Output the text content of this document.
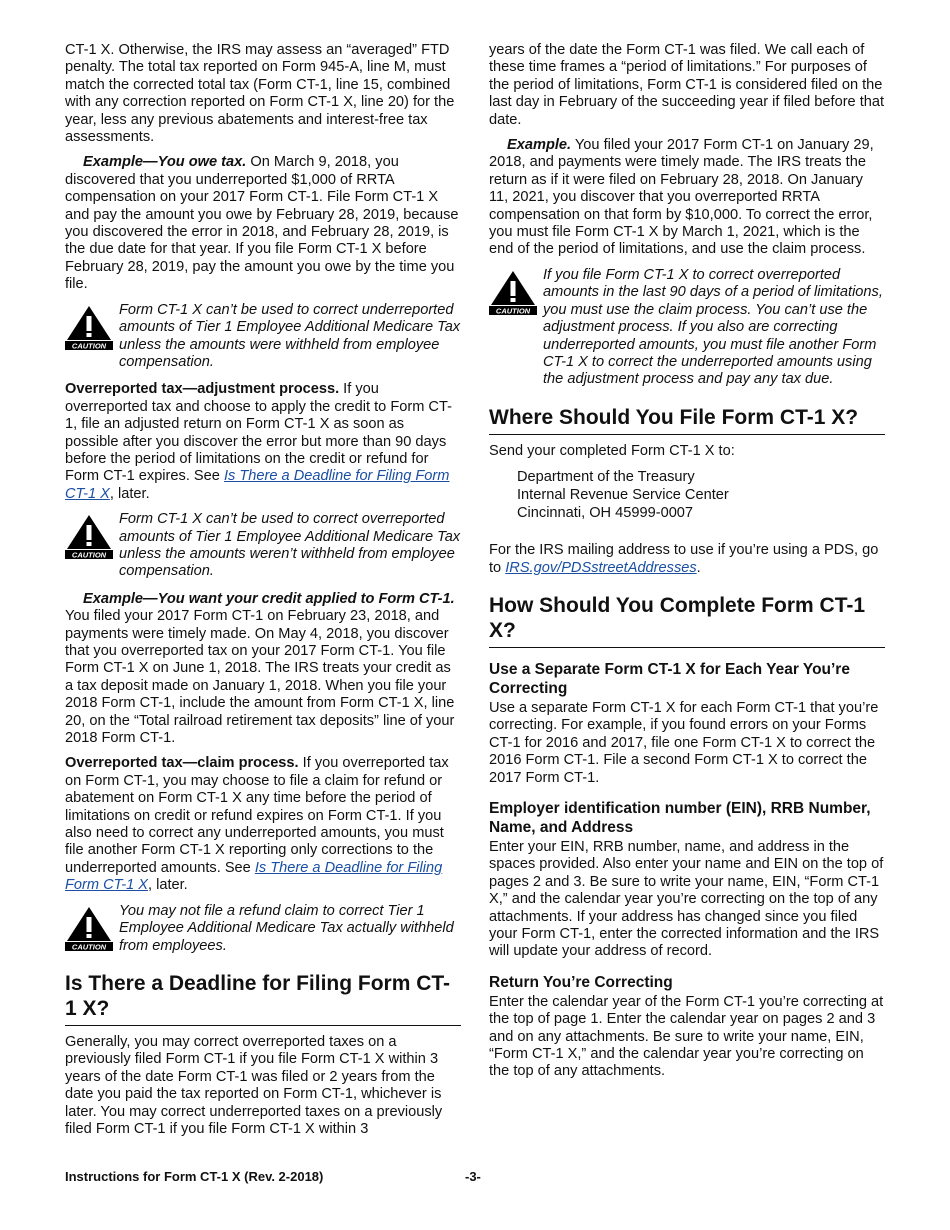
CT-1 X. Otherwise, the IRS may assess an “averaged” FTD penalty. The total tax reported on Form 945-A, line M, must match the corrected total tax (Form CT-1, line 15, combined with any correction reported on Form CT-1 X, line 20) for the year, less any previous abatements and interest-free tax assessments.

Example—You owe tax. On March 9, 2018, you discovered that you underreported $1,000 of RRTA compensation on your 2017 Form CT-1. File Form CT-1 X and pay the amount you owe by February 28, 2019, because you discovered the error in 2018, and February 28, 2019, is the due date for that year. If you file Form CT-1 X before February 28, 2019, pay the amount you owe by the time you file.

CAUTION
Form CT-1 X can’t be used to correct underreported amounts of Tier 1 Employee Additional Medicare Tax unless the amounts were withheld from employee compensation.

Overreported tax—adjustment process. If you overreported tax and choose to apply the credit to Form CT-1, file an adjusted return on Form CT-1 X as soon as possible after you discover the error but more than 90 days before the period of limitations on the credit or refund for Form CT-1 expires. See Is There a Deadline for Filing Form CT-1 X, later.

CAUTION
Form CT-1 X can’t be used to correct overreported amounts of Tier 1 Employee Additional Medicare Tax unless the amounts weren’t withheld from employee compensation.

Example—You want your credit applied to Form CT-1. You filed your 2017 Form CT-1 on February 23, 2018, and payments were timely made. On May 4, 2018, you discover that you overreported tax on your 2017 Form CT-1. You file Form CT-1 X on June 1, 2018. The IRS treats your credit as a tax deposit made on January 1, 2018. When you file your 2018 Form CT-1, include the amount from Form CT-1 X, line 20, on the “Total railroad retirement tax deposits” line of your 2018 Form CT-1.

Overreported tax—claim process. If you overreported tax on Form CT-1, you may choose to file a claim for refund or abatement on Form CT-1 X any time before the period of limitations on credit or refund expires on Form CT-1. If you also need to correct any underreported amounts, you must file another Form CT-1 X reporting only corrections to the underreported amounts. See Is There a Deadline for Filing Form CT-1 X, later.

CAUTION
You may not file a refund claim to correct Tier 1 Employee Additional Medicare Tax actually withheld from employees.
Is There a Deadline for Filing Form CT-1 X?

Generally, you may correct overreported taxes on a previously filed Form CT-1 if you file Form CT-1 X within 3 years of the date Form CT-1 was filed or 2 years from the date you paid the tax reported on Form CT-1, whichever is later. You may correct underreported taxes on a previously filed Form CT-1 if you file Form CT-1 X within 3

years of the date the Form CT-1 was filed. We call each of these time frames a “period of limitations.” For purposes of the period of limitations, Form CT-1 is considered filed on the last day in February of the succeeding year if filed before that date.

Example. You filed your 2017 Form CT-1 on January 29, 2018, and payments were timely made. The IRS treats the return as if it were filed on February 28, 2018. On January 11, 2021, you discover that you overreported RRTA compensation on that form by $10,000. To correct the error, you must file Form CT-1 X by March 1, 2021, which is the end of the period of limitations, and use the claim process.

CAUTION
If you file Form CT-1 X to correct overreported amounts in the last 90 days of a period of limitations, you must use the claim process. You can’t use the adjustment process. If you also are correcting underreported amounts, you must file another Form CT-1 X to correct the underreported amounts using the adjustment process and pay any tax due.
Where Should You File Form CT-1 X?

Send your completed Form CT-1 X to:

Department of the Treasury
Internal Revenue Service Center
Cincinnati, OH 45999-0007

For the IRS mailing address to use if you’re using a PDS, go to IRS.gov/PDSstreetAddresses.

How Should You Complete Form CT-1 X?
Use a Separate Form CT-1 X for Each Year You’re Correcting

Use a separate Form CT-1 X for each Form CT-1 that you’re correcting. For example, if you found errors on your Forms CT-1 for 2016 and 2017, file one Form CT-1 X to correct the 2016 Form CT-1. File a second Form CT-1 X to correct the 2017 Form CT-1.

Employer identification number (EIN), RRB Number, Name, and Address

Enter your EIN, RRB number, name, and address in the spaces provided. Also enter your name and EIN on the top of pages 2 and 3. Be sure to write your name, EIN, “Form CT-1 X,” and the calendar year you’re correcting on the top of any attachments. If your address has changed since you filed your Form CT-1, enter the corrected information and the IRS will update your address of record.

Return You’re Correcting

Enter the calendar year of the Form CT-1 you’re correcting at the top of page 1. Enter the calendar year on pages 2 and 3 and on any attachments. Be sure to write your name, EIN, “Form CT-1 X,” and the calendar year you’re correcting on the top of any attachments.

Instructions for Form CT-1 X (Rev. 2-2018)	-3-
